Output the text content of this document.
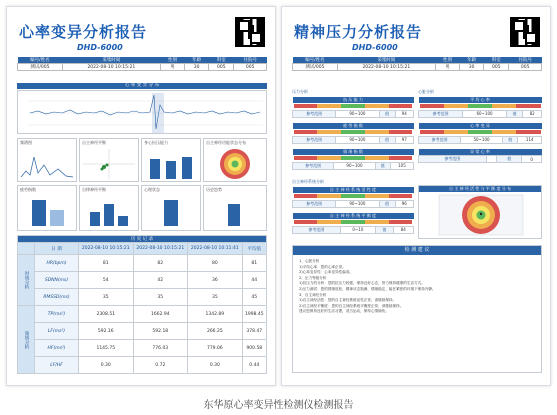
心率变异分析报告
DHD-6000
编号/姓名	采集时间	性别	年龄	科室	住院号
测试/005	2022-08-10 10:15:21	男	30	005	005
心 率 变 异 分 布
频谱图	自主神经平衡	身心抗压能力	自主神经功能状态分布
疲劳指数	自律神经平衡	心理状态	历史趋势
历 史 记 录					
	日 期	2022-08-10 10:15:21	2022-08-10 10:15:21	2022-08-10 10:11:41	平均值
时域分析	HR(bpm)	81	82	80	81
	SDNN(ms)	54	42	36	44
	RMSSD(ms)	35	35	35	45
频域分析	TP(ms²)	2308.51	1662.94	1342.89	1998.45
	LF(ms²)	592.16	592.18	266.25	378.47
	HF(ms²)	1145.75	776.03	779.06	900.58
	LF/HF	0.30	0.72	0.30	0.44
精神压力分析报告
DHD-6000
编号/姓名	采集时间	性别	年龄	科室	住院号
测试/005	2022-08-10 10:15:21	男	30	005	005
压力分析	心脏分析
抗 压 能 力

参考范围	90~100	值	94
疲 劳 指 数

参考范围	90~100	值	97
情 绪 指 数

参考范围	90~100	值	105
平 均 心 率

参考范围	60~100	值	82
心 率 变 异

参考范围	50~100	值	114
异 常 心 率
参考范围		值	0
自主神经系统分析
自 主 神 经 系 统 活 性 度

参考范围	90~100	值	96
自 主 神 经 系 统 平 衡 度

参考范围	0~10	值	84
自 主 神 经 活 性 与 平 衡 度 分 布
检 测 建 议
1、心脏分析
1)平均心率：您的心率正常。
2)心率变异性：心率变异性偏高。
2、压力等级分析
1)抗压力的分析：您的抗压力较强，保持良好心态，努力保持健康的生活方式。
2)压力测试：您的情绪放松，精神状态饱满，情绪稳定，能在紧张的环境下保持冷静。
3、自主神经分析
1)自主神经活性：您的自主神经系统活性正常，请继续保持。
2)自主神经平衡度：您的自主神经系统平衡度正常，请继续保持。
建议您保持良好的生活习惯，适当运动，保持心情愉快。
东华原心率变异性检测仪检测报告
